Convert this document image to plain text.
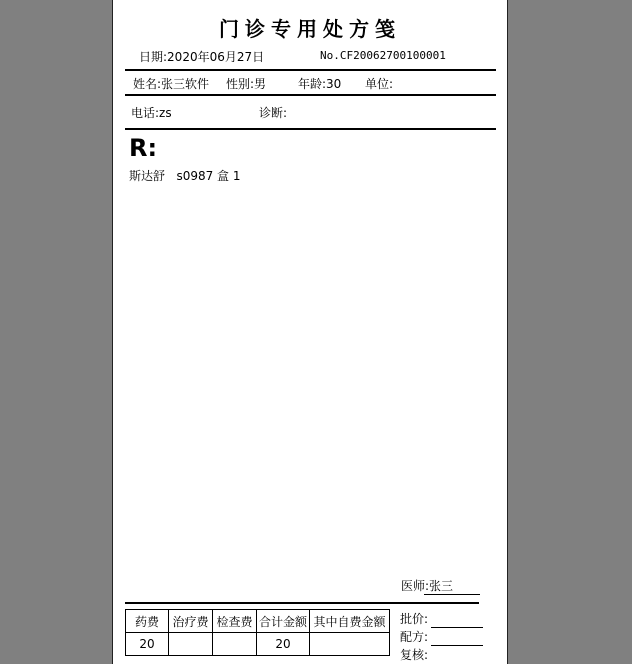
门诊专用处方笺
日期:2020年06月27日	No.CF20062700100001
姓名:张三软件 性别:男	年龄:30 单位:
电话:zs	诊断:
R:
斯达舒   s0987 盒 1
医师:张三
药费	治疗费	检查费	合计金额	其中自费金额
20			20	
批价:
配方:
复核:
